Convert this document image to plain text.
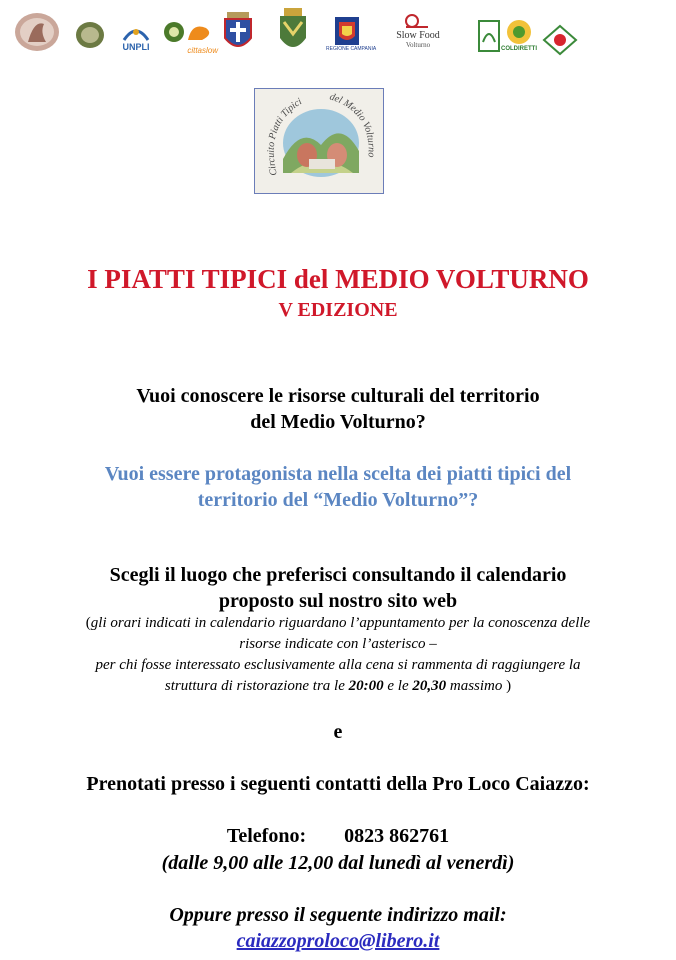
UNPLI	cittaslow	REGIONE CAMPANIA
Slow Food
Volturno	COLDIRETTI
Circuito Piatti Tipici del Medio Volturno
I PIATTI TIPICI del MEDIO VOLTURNO
V EDIZIONE
Vuoi conoscere le risorse culturali del territorio
del Medio Volturno?
Vuoi essere protagonista nella scelta dei piatti tipici del
territorio del “Medio Volturno”?
Scegli il luogo che preferisci consultando il calendario
proposto sul nostro sito web
(gli orari indicati in calendario riguardano l’appuntamento per la conoscenza delle
risorse indicate con l’asterisco –
per chi fosse interessato esclusivamente alla cena si rammenta di raggiungere la
struttura di ristorazione tra le 20:00 e le 20,30 massimo )
e
Prenotati presso i seguenti contatti della Pro Loco Caiazzo:
Telefono: 0823 862761
(dalle 9,00 alle 12,00 dal lunedì al venerdì)
Oppure presso il seguente indirizzo mail:
caiazzoproloco@libero.it
